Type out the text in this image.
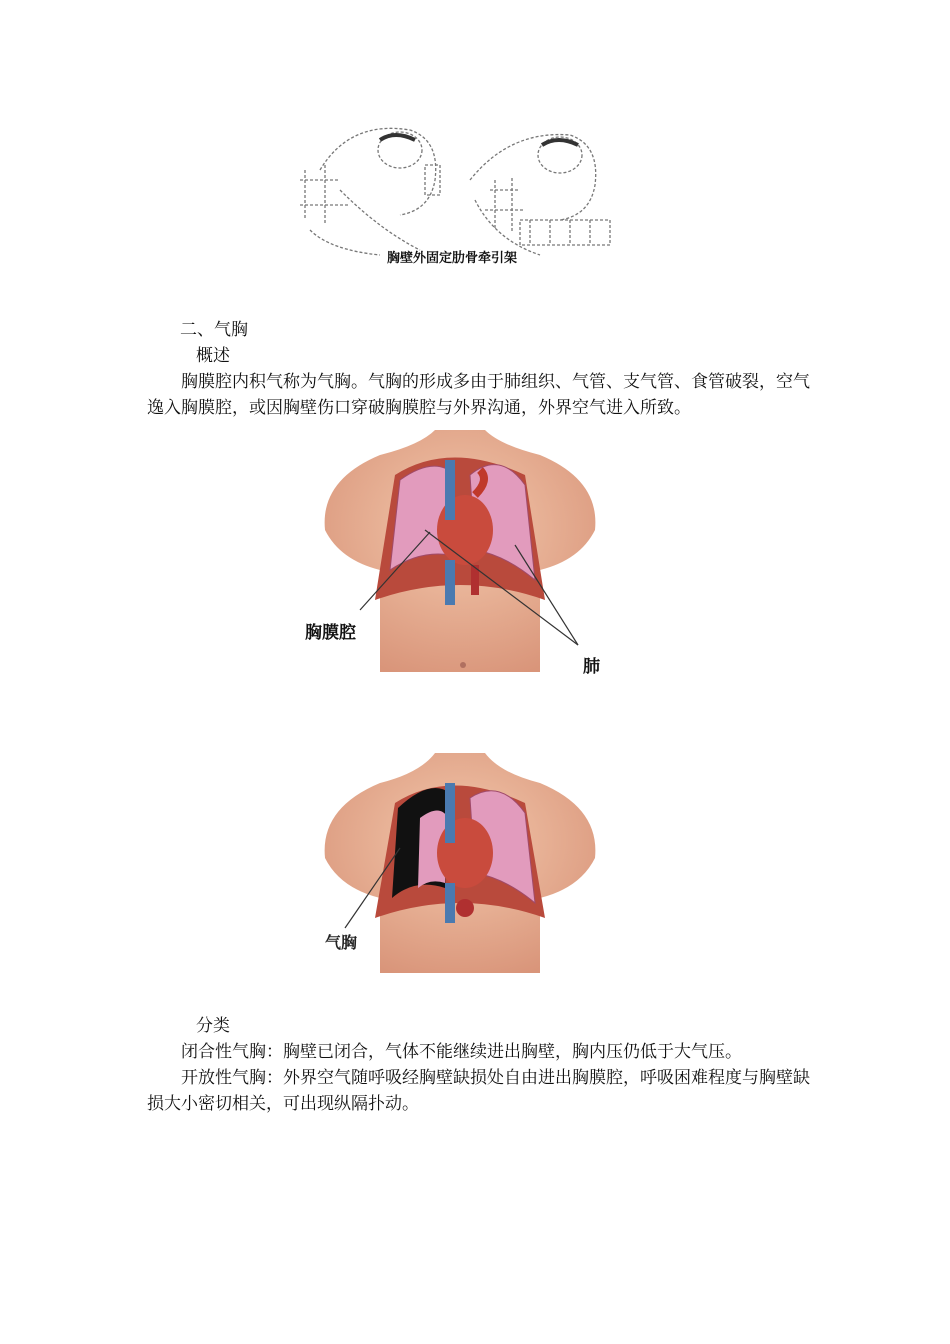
胸壁外固定肋骨牵引架

二、气胸

概述

胸膜腔内积气称为气胸。气胸的形成多由于肺组织、气管、支气管、食管破裂，空气逸入胸膜腔，或因胸壁伤口穿破胸膜腔与外界沟通，外界空气进入所致。

胸膜腔
肺
气胸

分类

闭合性气胸：胸壁已闭合，气体不能继续进出胸壁，胸内压仍低于大气压。

开放性气胸：外界空气随呼吸经胸壁缺损处自由进出胸膜腔，呼吸困难程度与胸壁缺损大小密切相关，可出现纵隔扑动。
